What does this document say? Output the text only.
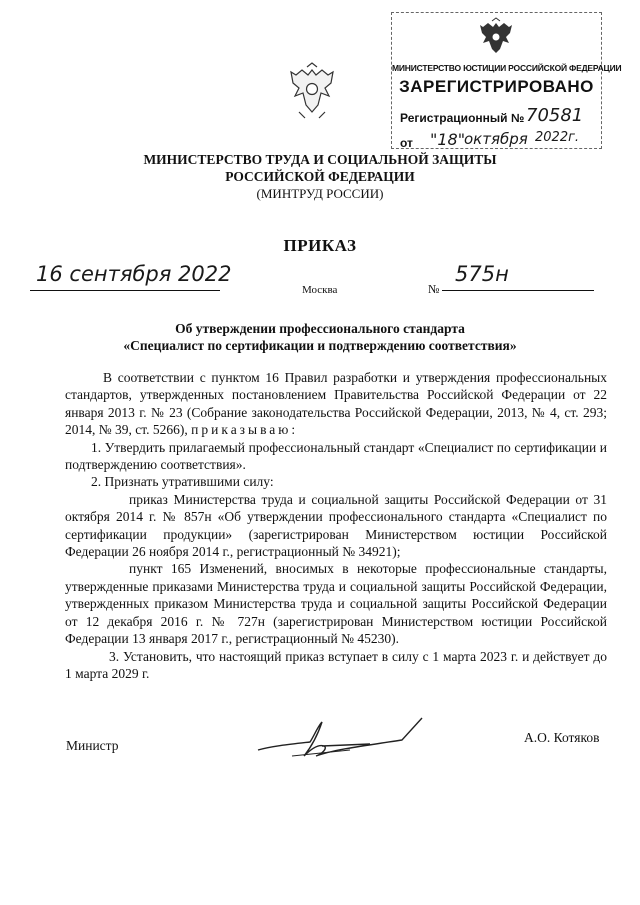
МИНИСТЕРСТВО ЮСТИЦИИ РОССИЙСКОЙ ФЕДЕРАЦИИ
ЗАРЕГИСТРИРОВАНО
Регистрационный № 70581
от "18"
октября 2022г.
МИНИСТЕРСТВО ТРУДА И СОЦИАЛЬНОЙ ЗАЩИТЫ
РОССИЙСКОЙ ФЕДЕРАЦИИ
(МИНТРУД РОССИИ)
ПРИКАЗ
16 сентября 2022
Москва	№
575н
Об утверждении профессионального стандарта
«Специалист по сертификации и подтверждению соответствия»

В соответствии с пунктом 16 Правил разработки и утверждения профессиональных стандартов, утвержденных постановлением Правительства Российской Федерации от 22 января 2013 г. № 23 (Собрание законодательства Российской Федерации, 2013, № 4, ст. 293; 2014, № 39, ст. 5266), приказываю:

1. Утвердить прилагаемый профессиональный стандарт «Специалист по сертификации и подтверждению соответствия».

2. Признать утратившими силу:

приказ Министерства труда и социальной защиты Российской Федерации от 31 октября 2014 г. № 857н «Об утверждении профессионального стандарта «Специалист по сертификации продукции» (зарегистрирован Министерством юстиции Российской Федерации 26 ноября 2014 г., регистрационный № 34921);

пункт 165 Изменений, вносимых в некоторые профессиональные стандарты, утвержденные приказами Министерства труда и социальной защиты Российской Федерации, утвержденных приказом Министерства труда и социальной защиты Российской Федерации от 12 декабря 2016 г. № 727н (зарегистрирован Министерством юстиции Российской Федерации 13 января 2017 г., регистрационный № 45230).

3. Установить, что настоящий приказ вступает в силу с 1 марта 2023 г. и действует до 1 марта 2029 г.

Министр
А.О. Котяков
